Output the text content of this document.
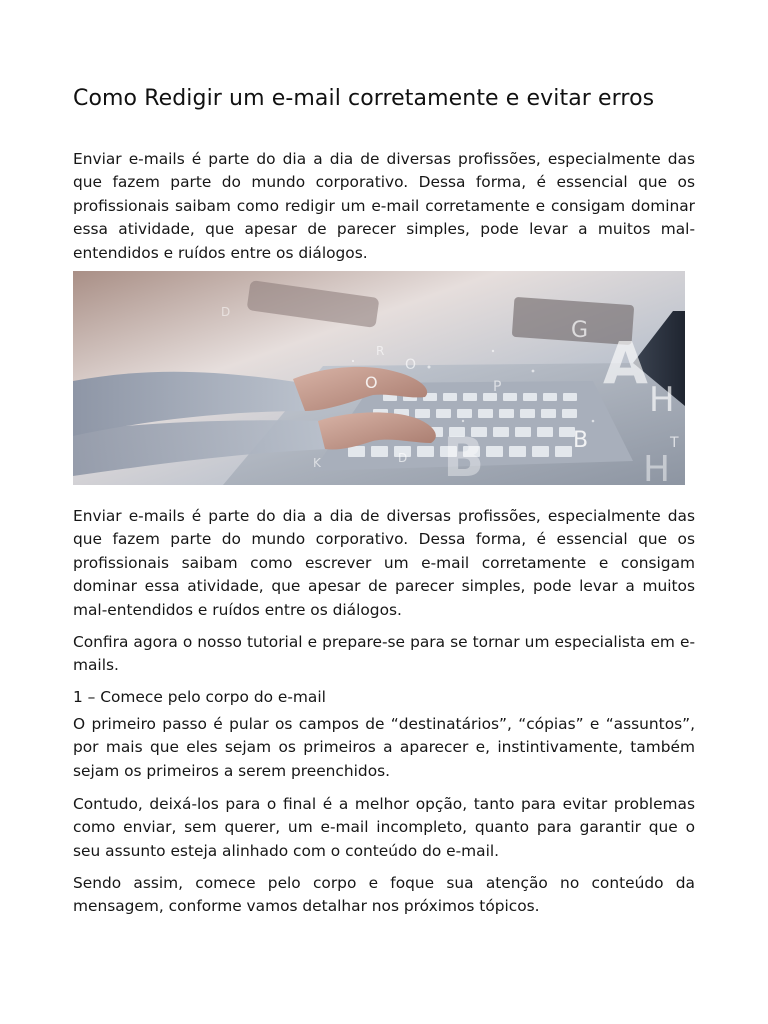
Como Redigir um e-mail corretamente e evitar erros

Enviar e-mails é parte do dia a dia de diversas profissões, especialmente das que fazem parte do mundo corporativo. Dessa forma, é essencial que os profissionais saibam como redigir um e-mail corretamente e consigam dominar essa atividade, que apesar de parecer simples, pode levar a muitos mal-entendidos e ruídos entre os diálogos.

D
O
R
G A
B
H
B
P
K
T
D	H
O

Enviar e-mails é parte do dia a dia de diversas profissões, especialmente das que fazem parte do mundo corporativo. Dessa forma, é essencial que os profissionais saibam como escrever um e-mail corretamente e consigam dominar essa atividade, que apesar de parecer simples, pode levar a muitos mal-entendidos e ruídos entre os diálogos.

Confira agora o nosso tutorial e prepare-se para se tornar um especialista em e-mails.

1 – Comece pelo corpo do e-mail

O primeiro passo é pular os campos de “destinatários”, “cópias” e “assuntos”, por mais que eles sejam os primeiros a aparecer e, instintivamente, também sejam os primeiros a serem preenchidos.

Contudo, deixá-los para o final é a melhor opção, tanto para evitar problemas como enviar, sem querer, um e-mail incompleto, quanto para garantir que o seu assunto esteja alinhado com o conteúdo do e-mail.

Sendo assim, comece pelo corpo e foque sua atenção no conteúdo da mensagem, conforme vamos detalhar nos próximos tópicos.
